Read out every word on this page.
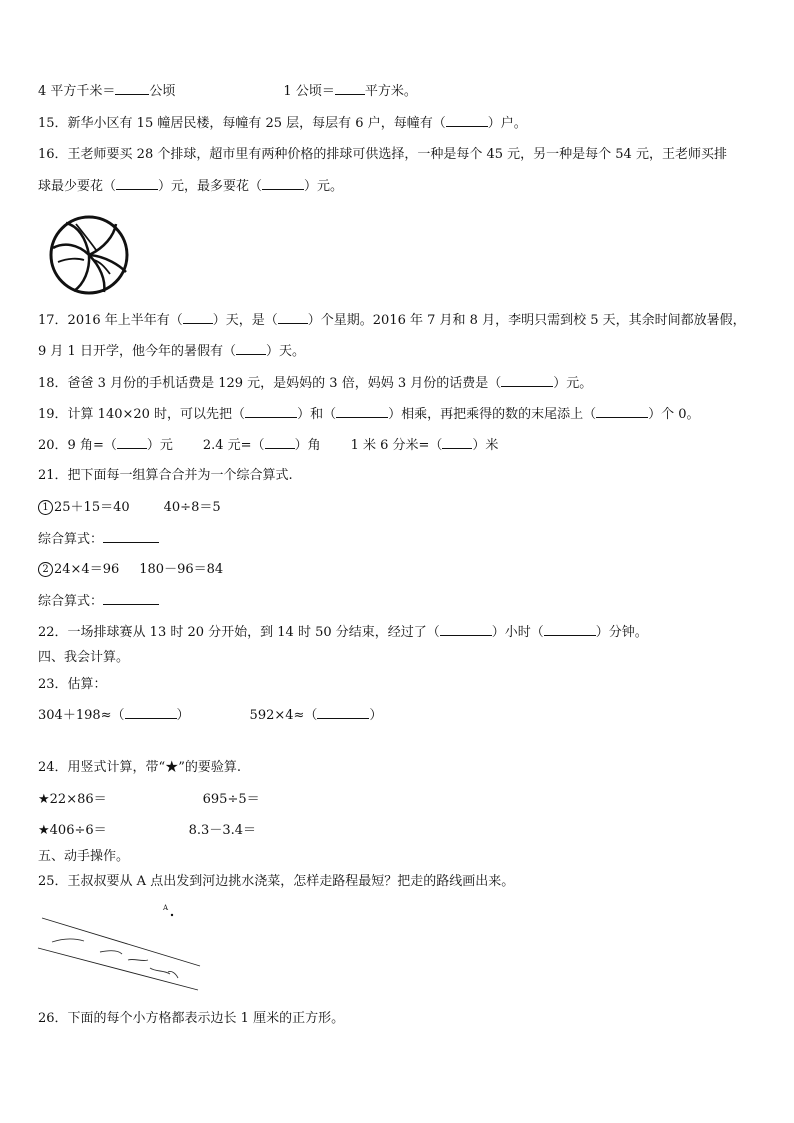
4 平方千米＝	公顷	1 公顷＝ 平方米。
15．新华小区有 15 幢居民楼，每幢有 25 层，每层有 6 户，每幢有（	）户。
16．王老师要买 28 个排球，超市里有两种价格的排球可供选择，一种是每个 45 元，另一种是每个 54 元，王老师买排
球最少要花（	）元，最多要花（	）元。
17．2016 年上半年有（ ）天，是（ ）个星期。2016 年 7 月和 8 月，李明只需到校 5 天，其余时间都放暑假，
9 月 1 日开学，他今年的暑假有（ ）天。
18．爸爸 3 月份的手机话费是 129 元，是妈妈的 3 倍，妈妈 3 月份的话费是（	）元。
19．计算 140×20 时，可以先把（	）和（	）相乘，再把乘得的数的末尾添上（	）个 0。
20．9 角=（ ）元 2.4 元=（ ）角 1 米 6 分米=（ ）米
21．把下面每一组算合合并为一个综合算式.
1 25＋15＝40	40÷8＝5
综合算式：
2 24×4＝96 180－96＝84
综合算式：
22．一场排球赛从 13 时 20 分开始，到 14 时 50 分结束，经过了（	）小时（	）分钟。
四、我会计算。
23．估算：
304＋198≈（	）	592×4≈（	）
24．用竖式计算，带“★”的要验算.
★22×86＝	695÷5＝
★406÷6＝	8.3－3.4＝
五、动手操作。
25．王叔叔要从 A 点出发到河边挑水浇菜，怎样走路程最短？把走的路线画出来。
A
26．下面的每个小方格都表示边长 1 厘米的正方形。
